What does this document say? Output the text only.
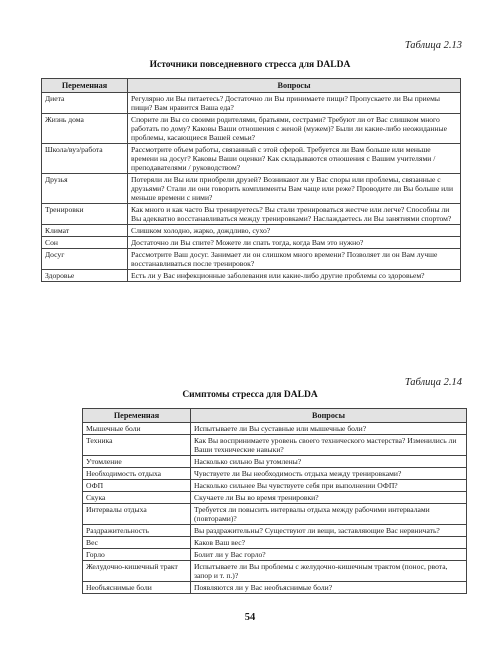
Таблица 2.13
Источники повседневного стресса для DALDA
Переменная	Вопросы
Диета	Регулярно ли Вы питаетесь? Достаточно ли Вы принимаете пищи? Пропускаете ли Вы приемы пищи? Вам нравится Ваша еда?
Жизнь дома	Спорите ли Вы со своими родителями, братьями, сестрами? Требуют ли от Вас слишком много работать по дому? Каковы Ваши отношения с женой (мужем)? Были ли какие-либо неожиданные проблемы, касающиеся Вашей семьи?
Школа/вуз/работа	Рассмотрите объем работы, связанный с этой сферой. Требуется ли Вам больше или меньше времени на досуг? Каковы Ваши оценки? Как складываются отношения с Вашим учителями / преподавателями / руководством?
Друзья	Потеряли ли Вы или приобрели друзей? Возникают ли у Вас споры или проблемы, связанные с друзьями? Стали ли они говорить комплименты Вам чаще или реже? Проводите ли Вы больше или меньше времени с ними?
Тренировки	Как много и как часто Вы тренируетесь? Вы стали тренироваться жестче или легче? Способны ли Вы адекватно восстанавливаться между тренировками? Наслаждаетесь ли Вы занятиями спортом?
Климат	Слишком холодно, жарко, дождливо, сухо?
Сон	Достаточно ли Вы спите? Можете ли спать тогда, когда Вам это нужно?
Досуг	Рассмотрите Ваш досуг. Занимает ли он слишком много времени? Позволяет ли он Вам лучше восстанавливаться после тренировок?
Здоровье	Есть ли у Вас инфекционные заболевания или какие-либо другие проблемы со здоровьем?
Таблица 2.14
Симптомы стресса для DALDA
Переменная	Вопросы
Мышечные боли	Испытываете ли Вы суставные или мышечные боли?
Техника	Как Вы воспринимаете уровень своего технического мастерства? Изменились ли Ваши технические навыки?
Утомление	Насколько сильно Вы утомлены?
Необходимость отдыха	Чувствуете ли Вы необходимость отдыха между тренировками?
ОФП	Насколько сильнее Вы чувствуете себя при выполнении ОФП?
Скука	Скучаете ли Вы во время тренировки?
Интервалы отдыха	Требуется ли повысить интервалы отдыха между рабочими интервалами (повторами)?
Раздражительность	Вы раздражительны? Существуют ли вещи, заставляющие Вас нервничать?
Вес	Каков Ваш вес?
Горло	Болит ли у Вас горло?
Желудочно-кишечный тракт	Испытываете ли Вы проблемы с желудочно-кишечным трактом (понос, рвота, запор и т. п.)?
Необъяснимые боли	Появляются ли у Вас необъяснимые боли?
54
